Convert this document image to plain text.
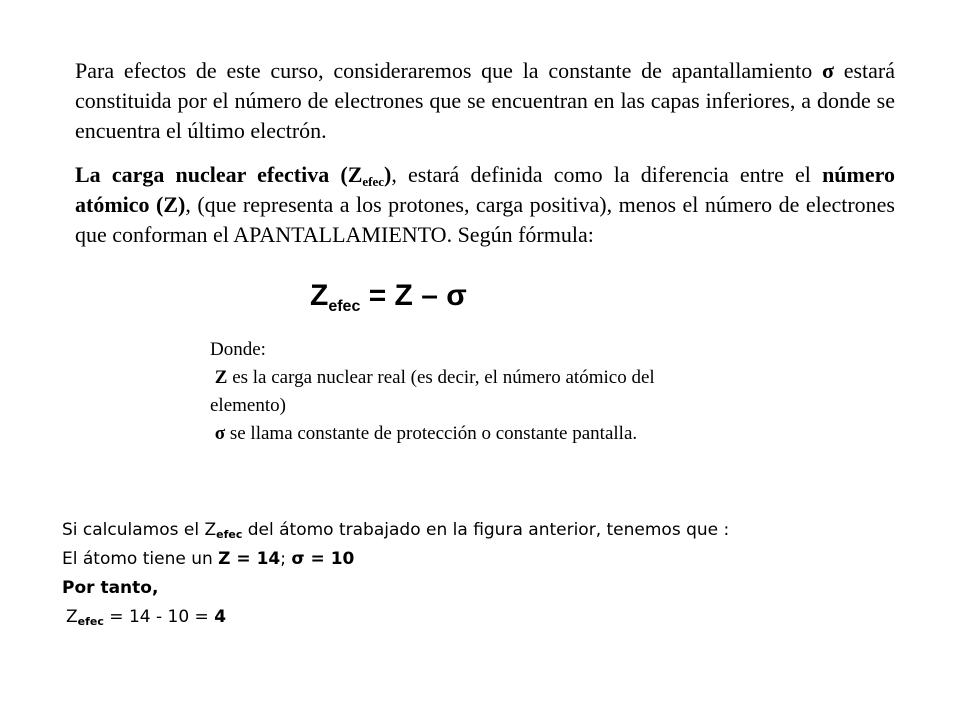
Para efectos de este curso, consideraremos que la constante de apantallamiento σ estará constituida por el número de electrones que se encuentran en las capas inferiores, a donde se encuentra el último electrón.

La carga nuclear efectiva $(Z_{efec})$, estará definida como la diferencia entre el número atómico (Z), (que representa a los protones, carga positiva), menos el número de electrones que conforman el APANTALLAMIENTO. Según fórmula:

$Z_{efec} = Z - \sigma$
Donde:
Z es la carga nuclear real (es decir, el número atómico del elemento)
σ se llama constante de protección o constante pantalla.
Si calculamos el $Z_{efec}$ del átomo trabajado en la figura anterior, tenemos que :
El átomo tiene un Z = 14; σ = 10
Por tanto,
$Z_{efec} = 14 - 10 = 4$
